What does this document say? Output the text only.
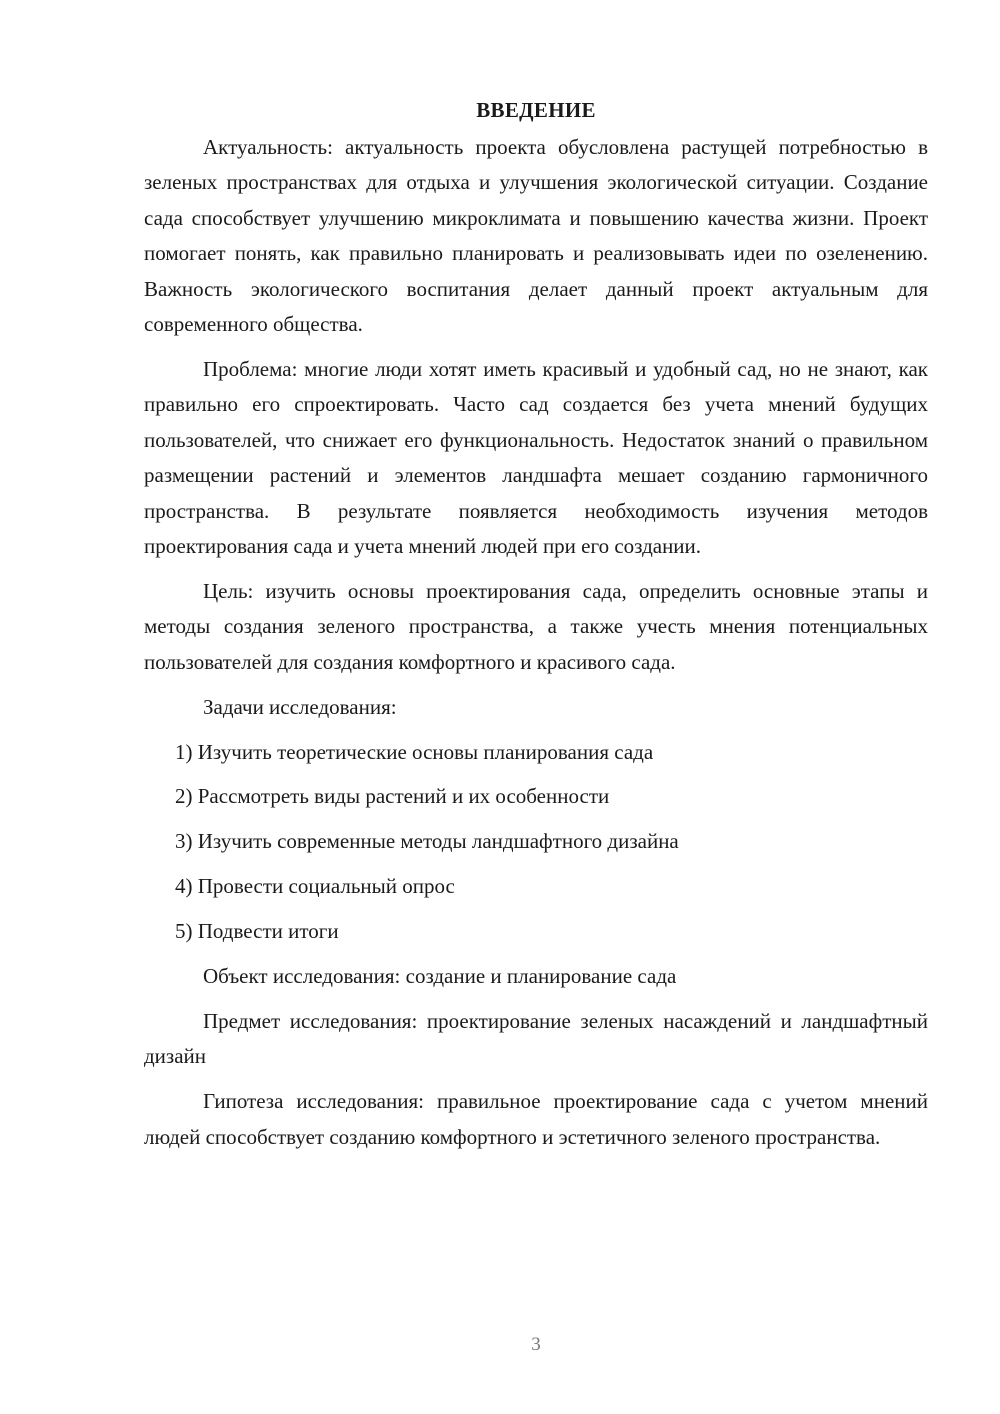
ВВЕДЕНИЕ

Актуальность: актуальность проекта обусловлена растущей потребностью в зеленых пространствах для отдыха и улучшения экологической ситуации. Создание сада способствует улучшению микроклимата и повышению качества жизни. Проект помогает понять, как правильно планировать и реализовывать идеи по озеленению. Важность экологического воспитания делает данный проект актуальным для современного общества.

Проблема: многие люди хотят иметь красивый и удобный сад, но не знают, как правильно его спроектировать. Часто сад создается без учета мнений будущих пользователей, что снижает его функциональность. Недостаток знаний о правильном размещении растений и элементов ландшафта мешает созданию гармоничного пространства. В результате появляется необходимость изучения методов проектирования сада и учета мнений людей при его создании.

Цель: изучить основы проектирования сада, определить основные этапы и методы создания зеленого пространства, а также учесть мнения потенциальных пользователей для создания комфортного и красивого сада.

Задачи исследования:

1) Изучить теоретические основы планирования сада

2) Рассмотреть виды растений и их особенности

3) Изучить современные методы ландшафтного дизайна

4) Провести социальный опрос

5) Подвести итоги

Объект исследования: создание и планирование сада

Предмет исследования: проектирование зеленых насаждений и ландшафтный дизайн

Гипотеза исследования: правильное проектирование сада с учетом мнений людей способствует созданию комфортного и эстетичного зеленого пространства.

3
